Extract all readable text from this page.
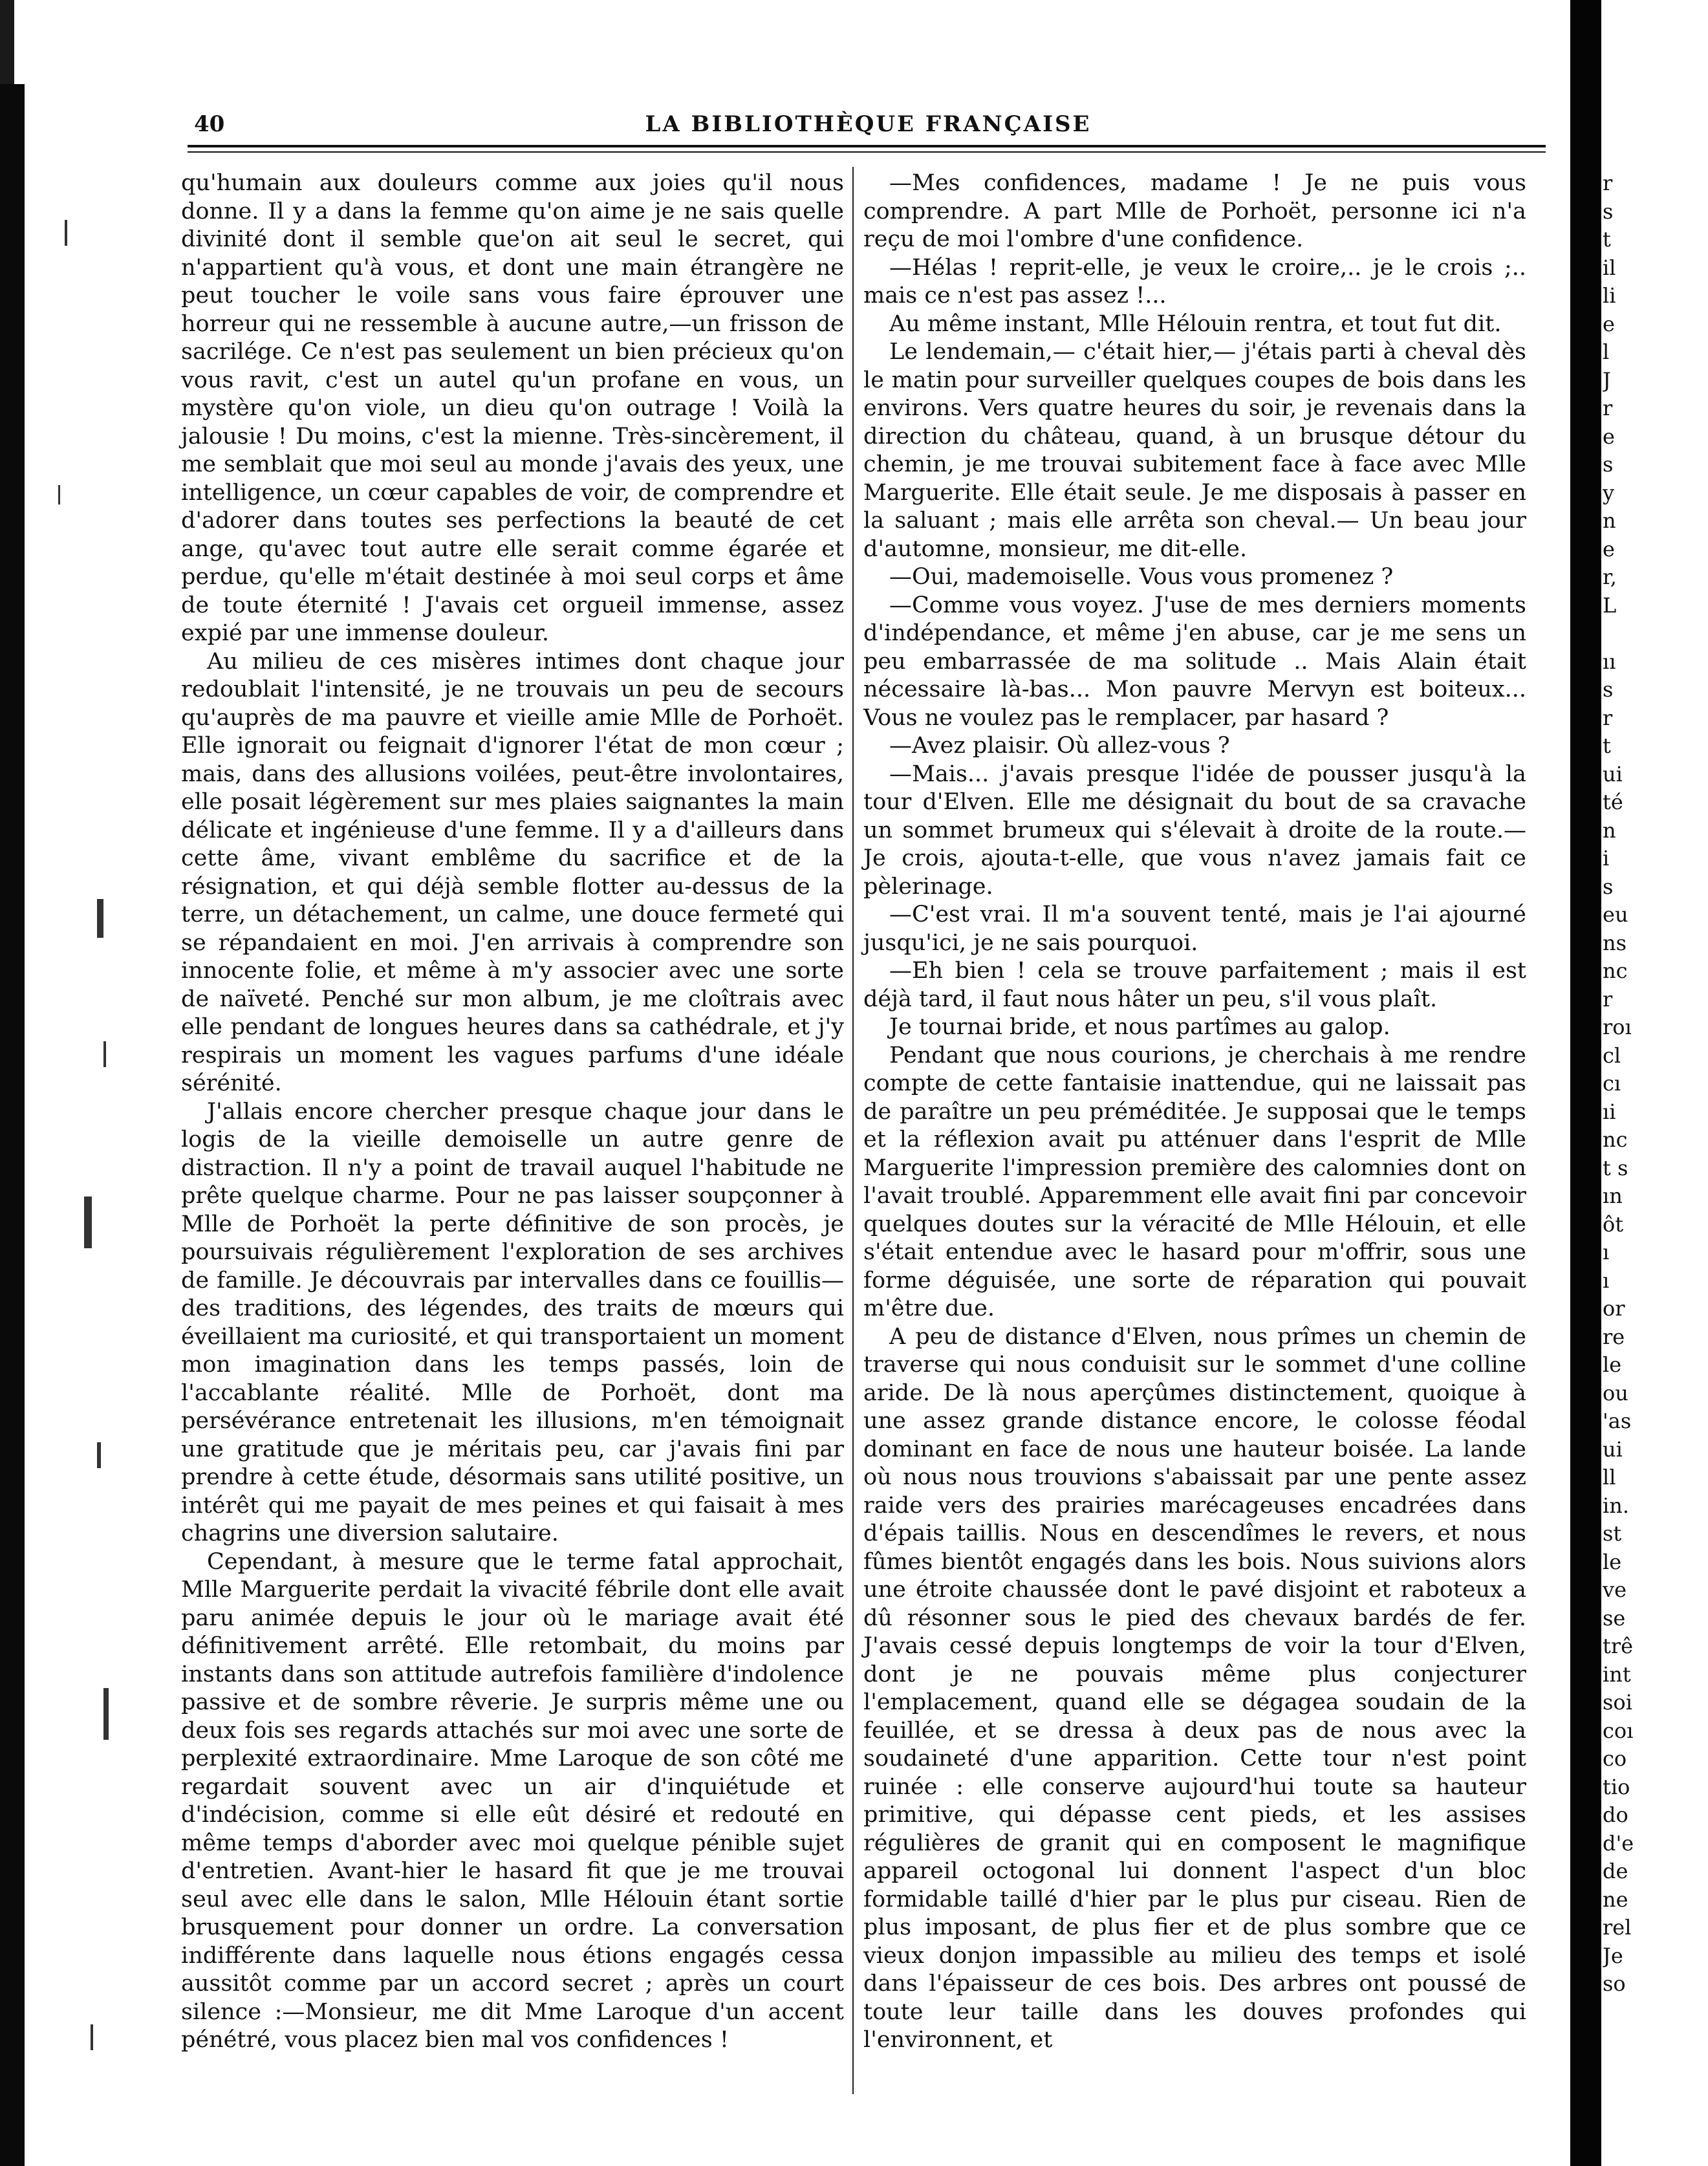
40	LA BIBLIOTHÈQUE FRANÇAISE

qu'humain aux douleurs comme aux joies qu'il nous donne. Il y a dans la femme qu'on aime je ne sais quelle divinité dont il semble que'on ait seul le secret, qui n'appartient qu'à vous, et dont une main étrangère ne peut toucher le voile sans vous faire éprouver une horreur qui ne ressemble à aucune autre,—un frisson de sacrilége. Ce n'est pas seulement un bien précieux qu'on vous ravit, c'est un autel qu'un profane en vous, un mystère qu'on viole, un dieu qu'on outrage ! Voilà la jalousie ! Du moins, c'est la mienne. Très-sincèrement, il me semblait que moi seul au monde j'avais des yeux, une intelligence, un cœur capables de voir, de comprendre et d'adorer dans toutes ses perfections la beauté de cet ange, qu'avec tout autre elle serait comme égarée et perdue, qu'elle m'était destinée à moi seul corps et âme de toute éternité ! J'avais cet orgueil immense, assez expié par une immense douleur.

Au milieu de ces misères intimes dont chaque jour redoublait l'intensité, je ne trouvais un peu de secours qu'auprès de ma pauvre et vieille amie Mlle de Porhoët. Elle ignorait ou feignait d'ignorer l'état de mon cœur ; mais, dans des allusions voilées, peut-être involontaires, elle posait légèrement sur mes plaies saignantes la main délicate et ingénieuse d'une femme. Il y a d'ailleurs dans cette âme, vivant emblême du sacrifice et de la résignation, et qui déjà semble flotter au-dessus de la terre, un détachement, un calme, une douce fermeté qui se répandaient en moi. J'en arrivais à comprendre son innocente folie, et même à m'y associer avec une sorte de naïveté. Penché sur mon album, je me cloîtrais avec elle pendant de longues heures dans sa cathédrale, et j'y respirais un moment les vagues parfums d'une idéale sérénité.

J'allais encore chercher presque chaque jour dans le logis de la vieille demoiselle un autre genre de distraction. Il n'y a point de travail auquel l'habitude ne prête quelque charme. Pour ne pas laisser soupçonner à Mlle de Porhoët la perte définitive de son procès, je poursuivais régulièrement l'exploration de ses archives de famille. Je découvrais par intervalles dans ce fouillis—des traditions, des légendes, des traits de mœurs qui éveillaient ma curiosité, et qui transportaient un moment mon imagination dans les temps passés, loin de l'accablante réalité. Mlle de Porhoët, dont ma persévérance entretenait les illusions, m'en témoignait une gratitude que je méritais peu, car j'avais fini par prendre à cette étude, désormais sans utilité positive, un intérêt qui me payait de mes peines et qui faisait à mes chagrins une diversion salutaire.

Cependant, à mesure que le terme fatal approchait, Mlle Marguerite perdait la vivacité fébrile dont elle avait paru animée depuis le jour où le mariage avait été définitivement arrêté. Elle retombait, du moins par instants dans son attitude autrefois familière d'indolence passive et de sombre rêverie. Je surpris même une ou deux fois ses regards attachés sur moi avec une sorte de perplexité extraordinaire. Mme Laroque de son côté me regardait souvent avec un air d'inquiétude et d'indécision, comme si elle eût désiré et redouté en même temps d'aborder avec moi quelque pénible sujet d'entretien. Avant-hier le hasard fit que je me trouvai seul avec elle dans le salon, Mlle Hélouin étant sortie brusquement pour donner un ordre. La conversation indifférente dans laquelle nous étions engagés cessa aussitôt comme par un accord secret ; après un court silence :—Monsieur, me dit Mme Laroque d'un accent pénétré, vous placez bien mal vos confidences !

—Mes confidences, madame ! Je ne puis vous comprendre. A part Mlle de Porhoët, personne ici n'a reçu de moi l'ombre d'une confidence.

—Hélas ! reprit-elle, je veux le croire,.. je le crois ;.. mais ce n'est pas assez !...

Au même instant, Mlle Hélouin rentra, et tout fut dit.

Le lendemain,— c'était hier,— j'étais parti à cheval dès le matin pour surveiller quelques coupes de bois dans les environs. Vers quatre heures du soir, je revenais dans la direction du château, quand, à un brusque détour du chemin, je me trouvai subitement face à face avec Mlle Marguerite. Elle était seule. Je me disposais à passer en la saluant ; mais elle arrêta son cheval.— Un beau jour d'automne, monsieur, me dit-elle.

—Oui, mademoiselle. Vous vous promenez ?

—Comme vous voyez. J'use de mes derniers moments d'indépendance, et même j'en abuse, car je me sens un peu embarrassée de ma solitude .. Mais Alain était nécessaire là-bas... Mon pauvre Mervyn est boiteux... Vous ne voulez pas le remplacer, par hasard ?

—Avez plaisir. Où allez-vous ?

—Mais... j'avais presque l'idée de pousser jusqu'à la tour d'Elven. Elle me désignait du bout de sa cravache un sommet brumeux qui s'élevait à droite de la route.— Je crois, ajouta-t-elle, que vous n'avez jamais fait ce pèlerinage.

—C'est vrai. Il m'a souvent tenté, mais je l'ai ajourné jusqu'ici, je ne sais pourquoi.

—Eh bien ! cela se trouve parfaitement ; mais il est déjà tard, il faut nous hâter un peu, s'il vous plaît.

Je tournai bride, et nous partîmes au galop.

Pendant que nous courions, je cherchais à me rendre compte de cette fantaisie inattendue, qui ne laissait pas de paraître un peu préméditée. Je supposai que le temps et la réflexion avait pu atténuer dans l'esprit de Mlle Marguerite l'impression première des calomnies dont on l'avait troublé. Apparemment elle avait fini par concevoir quelques doutes sur la véracité de Mlle Hélouin, et elle s'était entendue avec le hasard pour m'offrir, sous une forme déguisée, une sorte de réparation qui pouvait m'être due.

A peu de distance d'Elven, nous prîmes un chemin de traverse qui nous conduisit sur le sommet d'une colline aride. De là nous aperçûmes distinctement, quoique à une assez grande distance encore, le colosse féodal dominant en face de nous une hauteur boisée. La lande où nous nous trouvions s'abaissait par une pente assez raide vers des prairies marécageuses encadrées dans d'épais taillis. Nous en descendîmes le revers, et nous fûmes bientôt engagés dans les bois. Nous suivions alors une étroite chaussée dont le pavé disjoint et raboteux a dû résonner sous le pied des chevaux bardés de fer. J'avais cessé depuis longtemps de voir la tour d'Elven, dont je ne pouvais même plus conjecturer l'emplacement, quand elle se dégagea soudain de la feuillée, et se dressa à deux pas de nous avec la soudaineté d'une apparition. Cette tour n'est point ruinée : elle conserve aujourd'hui toute sa hauteur primitive, qui dépasse cent pieds, et les assises régulières de granit qui en composent le magnifique appareil octogonal lui donnent l'aspect d'un bloc formidable taillé d'hier par le plus pur ciseau. Rien de plus imposant, de plus fier et de plus sombre que ce vieux donjon impassible au milieu des temps et isolé dans l'épaisseur de ces bois. Des arbres ont poussé de toute leur taille dans les douves profondes qui l'environnent, et

r
s
t
il
li
e
l
J
r
e
s
y
n
e
r,
L
ıı
s
r
t
ui
té
n
i
s
eu
ns
nc
r
roı
cl
cı
ıi
nc
t s
ın
ôt
ı
ı
or
re
le
ou
'as
ui
ll
in.
st
le
ve
se
trê
int
soi
coı
co
tio
do
d'e
de
ne
rel
Je
so
